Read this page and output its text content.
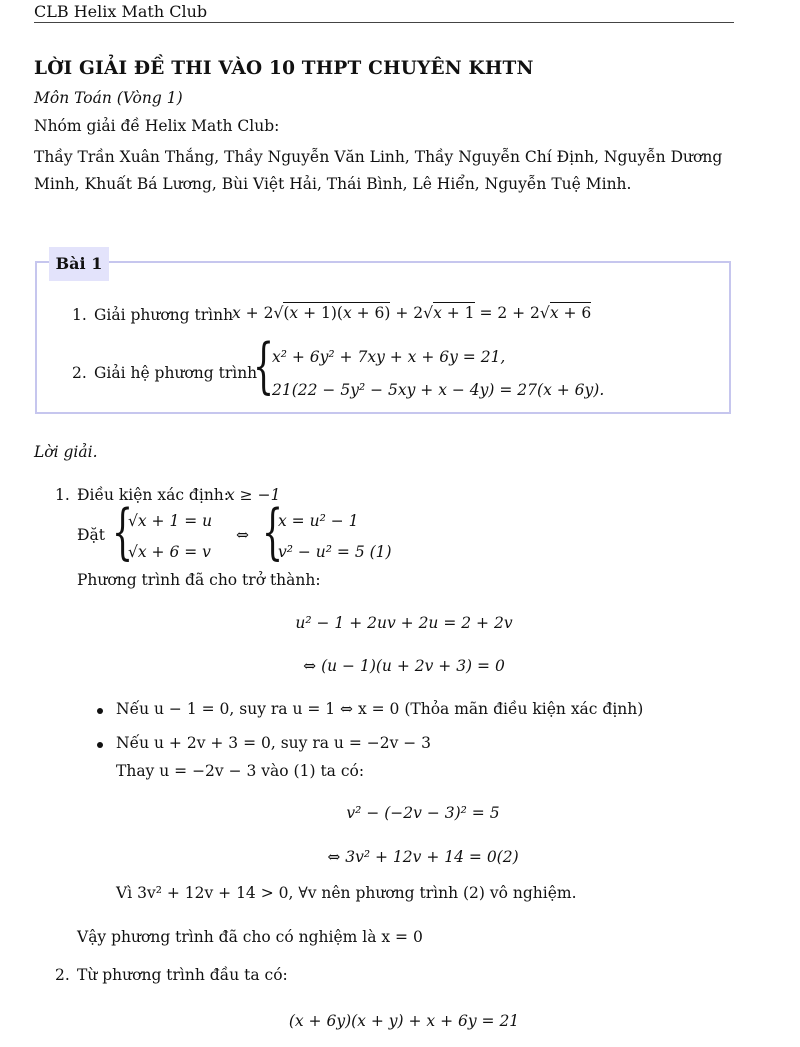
CLB Helix Math Club
LỜI GIẢI ĐỀ THI VÀO 10 THPT CHUYÊN KHTN
Môn Toán (Vòng 1)
Nhóm giải đề Helix Math Club:
Thầy Trần Xuân Thắng, Thầy Nguyễn Văn Linh, Thầy Nguyễn Chí Định, Nguyễn Dương Minh, Khuất Bá Lương, Bùi Việt Hải, Thái Bình, Lê Hiển, Nguyễn Tuệ Minh.
Bài 1
1. Giải phương trình
x + 2√(x + 1)(x + 6) + 2√x + 1 = 2 + 2√x + 6
2. Giải hệ phương trình
{
x² + 6y² + 7xy + x + 6y = 21,
21(22 − 5y² − 5xy + x − 4y) = 27(x + 6y).
Lời giải.
1. Điều kiện xác định:
x ≥ −1
Đặt {
√x + 1 = u
√x + 6 = v
⇔ {
x = u² − 1
v² − u² = 5 (1)
Phương trình đã cho trở thành:
u² − 1 + 2uv + 2u = 2 + 2v
⇔ (u − 1)(u + 2v + 3) = 0
Nếu u − 1 = 0, suy ra u = 1 ⇔ x = 0 (Thỏa mãn điều kiện xác định)
Nếu u + 2v + 3 = 0, suy ra u = −2v − 3
Thay u = −2v − 3 vào (1) ta có:
v² − (−2v − 3)² = 5
⇔ 3v² + 12v + 14 = 0(2)
Vì 3v² + 12v + 14 > 0, ∀v nên phương trình (2) vô nghiệm.
Vậy phương trình đã cho có nghiệm là x = 0
2. Từ phương trình đầu ta có:
(x + 6y)(x + y) + x + 6y = 21
